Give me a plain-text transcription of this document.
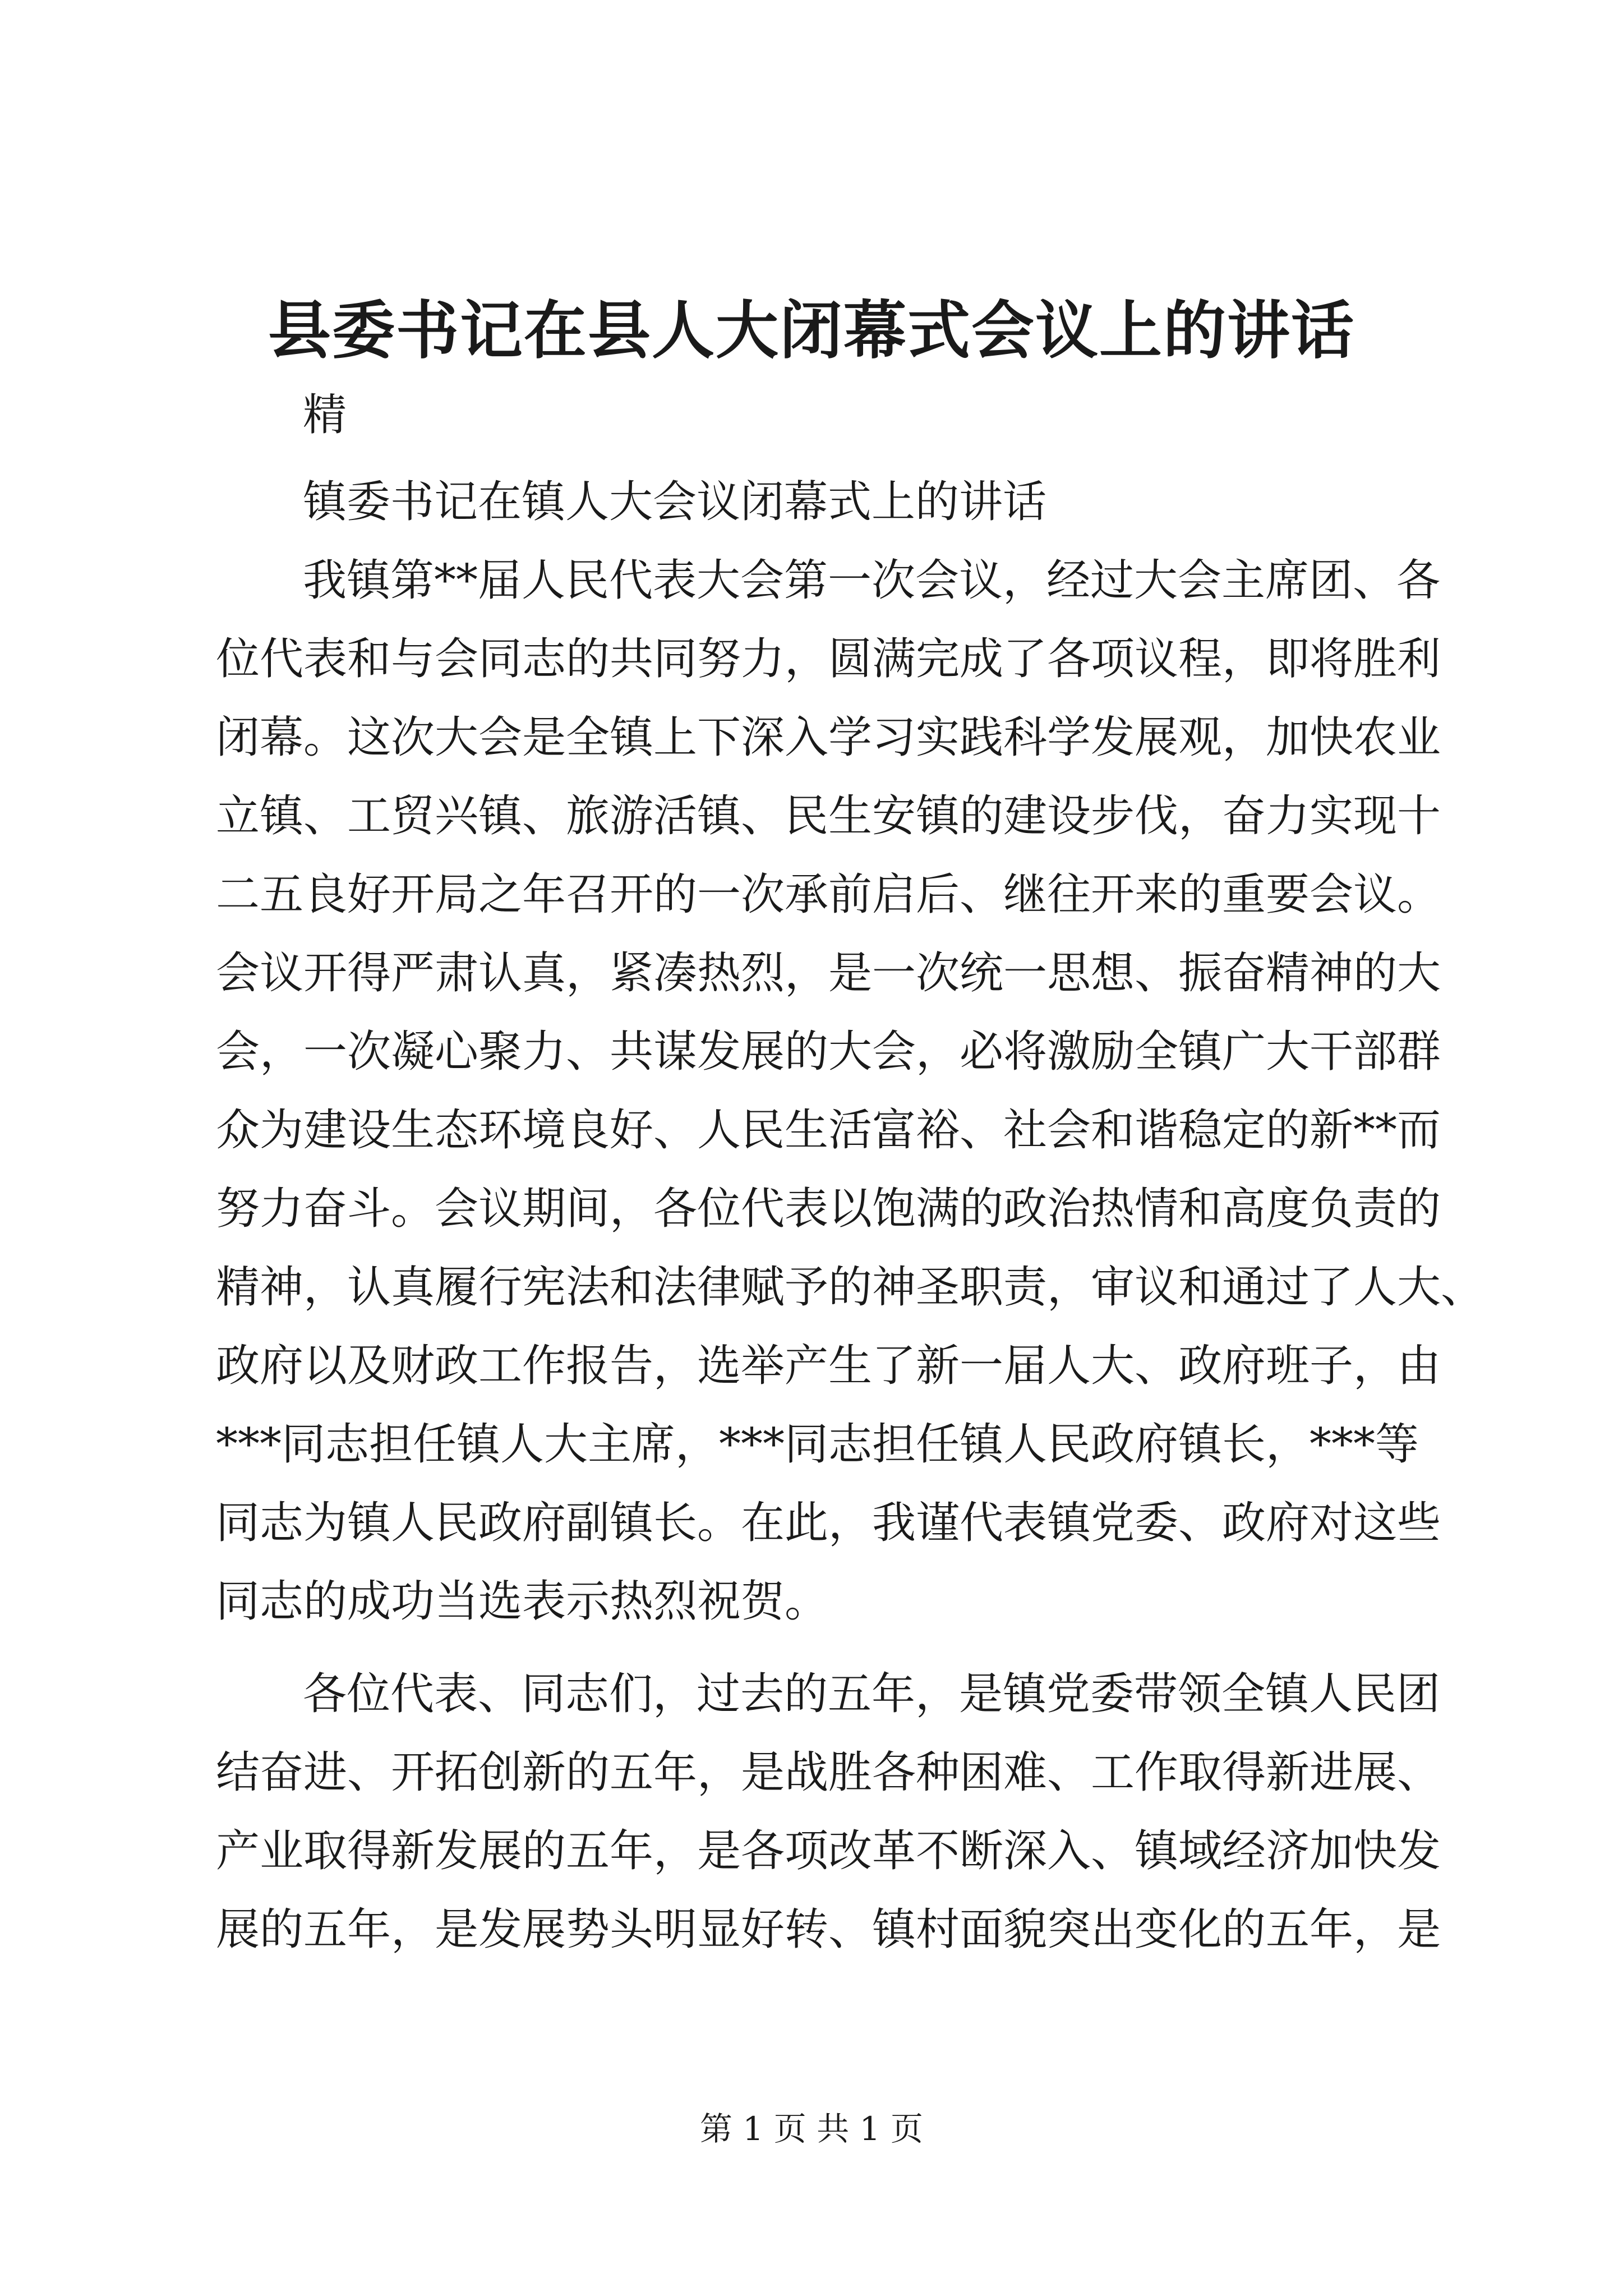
县委书记在县人大闭幕式会议上的讲话

精

镇委书记在镇人大会议闭幕式上的讲话

我镇第**届人民代表大会第一次会议，经过大会主席团、各

位代表和与会同志的共同努力，圆满完成了各项议程，即将胜利

闭幕。这次大会是全镇上下深入学习实践科学发展观，加快农业

立镇、工贸兴镇、旅游活镇、民生安镇的建设步伐，奋力实现十

二五良好开局之年召开的一次承前启后、继往开来的重要会议。

会议开得严肃认真，紧凑热烈，是一次统一思想、振奋精神的大

会，一次凝心聚力、共谋发展的大会，必将激励全镇广大干部群

众为建设生态环境良好、人民生活富裕、社会和谐稳定的新**而

努力奋斗。会议期间，各位代表以饱满的政治热情和高度负责的

精神，认真履行宪法和法律赋予的神圣职责，审议和通过了人大、

政府以及财政工作报告，选举产生了新一届人大、政府班子，由

***同志担任镇人大主席，***同志担任镇人民政府镇长，***等

同志为镇人民政府副镇长。在此，我谨代表镇党委、政府对这些

同志的成功当选表示热烈祝贺。

各位代表、同志们，过去的五年，是镇党委带领全镇人民团

结奋进、开拓创新的五年，是战胜各种困难、工作取得新进展、

产业取得新发展的五年，是各项改革不断深入、镇域经济加快发

展的五年，是发展势头明显好转、镇村面貌突出变化的五年，是

第 1 页 共 1 页
